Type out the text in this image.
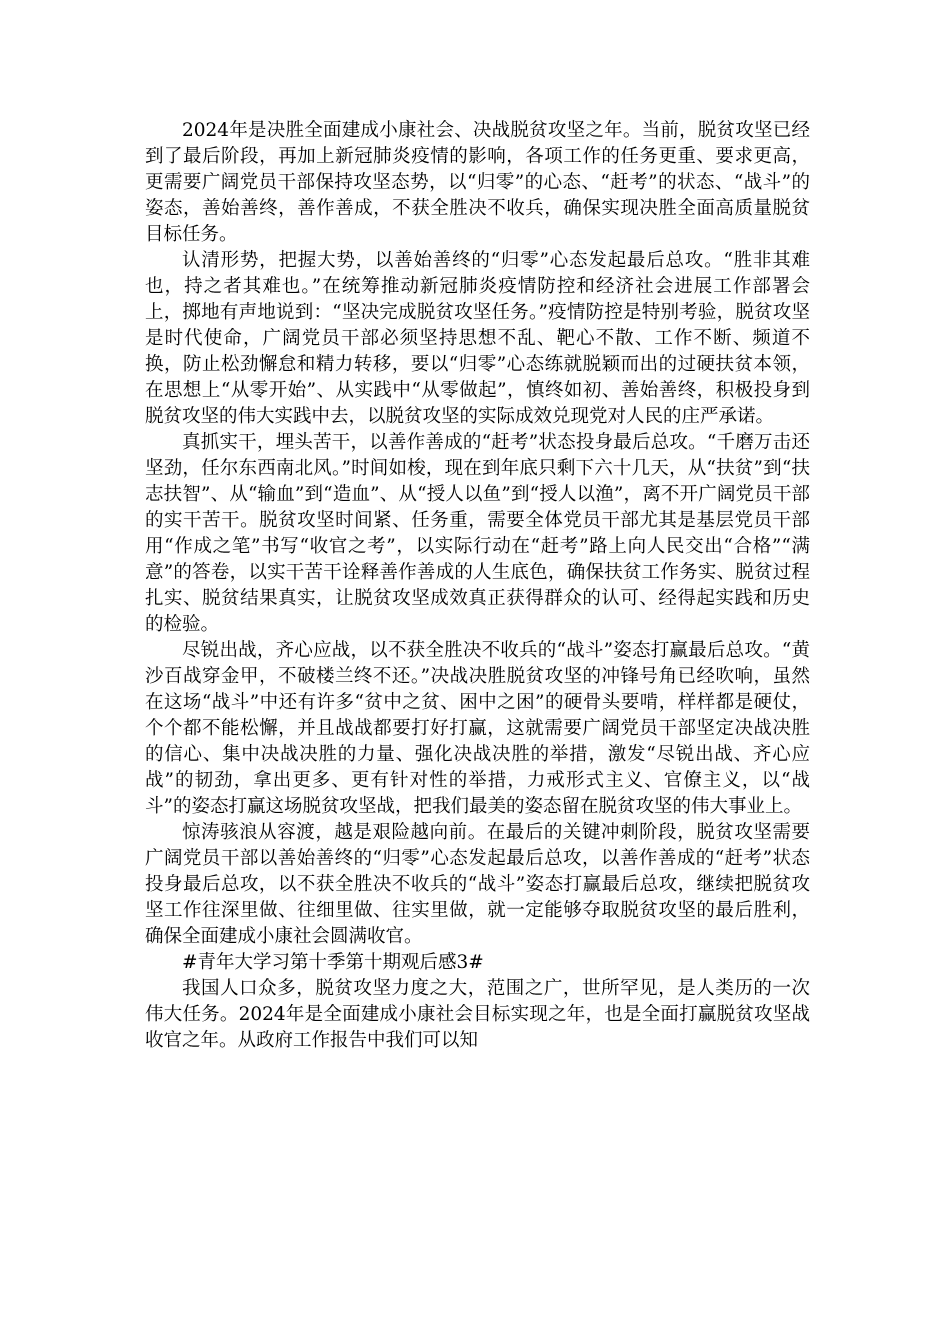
2024年是决胜全面建成小康社会、决战脱贫攻坚之年。当前，脱贫攻坚已经到了最后阶段，再加上新冠肺炎疫情的影响，各项工作的任务更重、要求更高，更需要广阔党员干部保持攻坚态势，以“归零”的心态、“赶考”的状态、“战斗”的姿态，善始善终，善作善成，不获全胜决不收兵，确保实现决胜全面高质量脱贫目标任务。

认清形势，把握大势，以善始善终的“归零”心态发起最后总攻。“胜非其难也，持之者其难也。”在统筹推动新冠肺炎疫情防控和经济社会进展工作部署会上，掷地有声地说到：“坚决完成脱贫攻坚任务。”疫情防控是特别考验，脱贫攻坚是时代使命，广阔党员干部必须坚持思想不乱、靶心不散、工作不断、频道不换，防止松劲懈怠和精力转移，要以“归零”心态练就脱颖而出的过硬扶贫本领，在思想上“从零开始”、从实践中“从零做起”，慎终如初、善始善终，积极投身到脱贫攻坚的伟大实践中去，以脱贫攻坚的实际成效兑现党对人民的庄严承诺。

真抓实干，埋头苦干，以善作善成的“赶考”状态投身最后总攻。“千磨万击还坚劲，任尔东西南北风。”时间如梭，现在到年底只剩下六十几天，从“扶贫”到“扶志扶智”、从“输血”到“造血”、从“授人以鱼”到“授人以渔”，离不开广阔党员干部的实干苦干。脱贫攻坚时间紧、任务重，需要全体党员干部尤其是基层党员干部用“作成之笔”书写“收官之考”，以实际行动在“赶考”路上向人民交出“合格”“满意”的答卷，以实干苦干诠释善作善成的人生底色，确保扶贫工作务实、脱贫过程扎实、脱贫结果真实，让脱贫攻坚成效真正获得群众的认可、经得起实践和历史的检验。

尽锐出战，齐心应战，以不获全胜决不收兵的“战斗”姿态打赢最后总攻。“黄沙百战穿金甲，不破楼兰终不还。”决战决胜脱贫攻坚的冲锋号角已经吹响，虽然在这场“战斗”中还有许多“贫中之贫、困中之困”的硬骨头要啃，样样都是硬仗，个个都不能松懈，并且战战都要打好打赢，这就需要广阔党员干部坚定决战决胜的信心、集中决战决胜的力量、强化决战决胜的举措，激发“尽锐出战、齐心应战”的韧劲，拿出更多、更有针对性的举措，力戒形式主义、官僚主义，以“战斗”的姿态打赢这场脱贫攻坚战，把我们最美的姿态留在脱贫攻坚的伟大事业上。

惊涛骇浪从容渡，越是艰险越向前。在最后的关键冲刺阶段，脱贫攻坚需要广阔党员干部以善始善终的“归零”心态发起最后总攻，以善作善成的“赶考”状态投身最后总攻，以不获全胜决不收兵的“战斗”姿态打赢最后总攻，继续把脱贫攻坚工作往深里做、往细里做、往实里做，就一定能够夺取脱贫攻坚的最后胜利，确保全面建成小康社会圆满收官。

#青年大学习第十季第十期观后感3#

我国人口众多，脱贫攻坚力度之大，范围之广，世所罕见，是人类历的一次伟大任务。2024年是全面建成小康社会目标实现之年，也是全面打赢脱贫攻坚战收官之年。从政府工作报告中我们可以知
